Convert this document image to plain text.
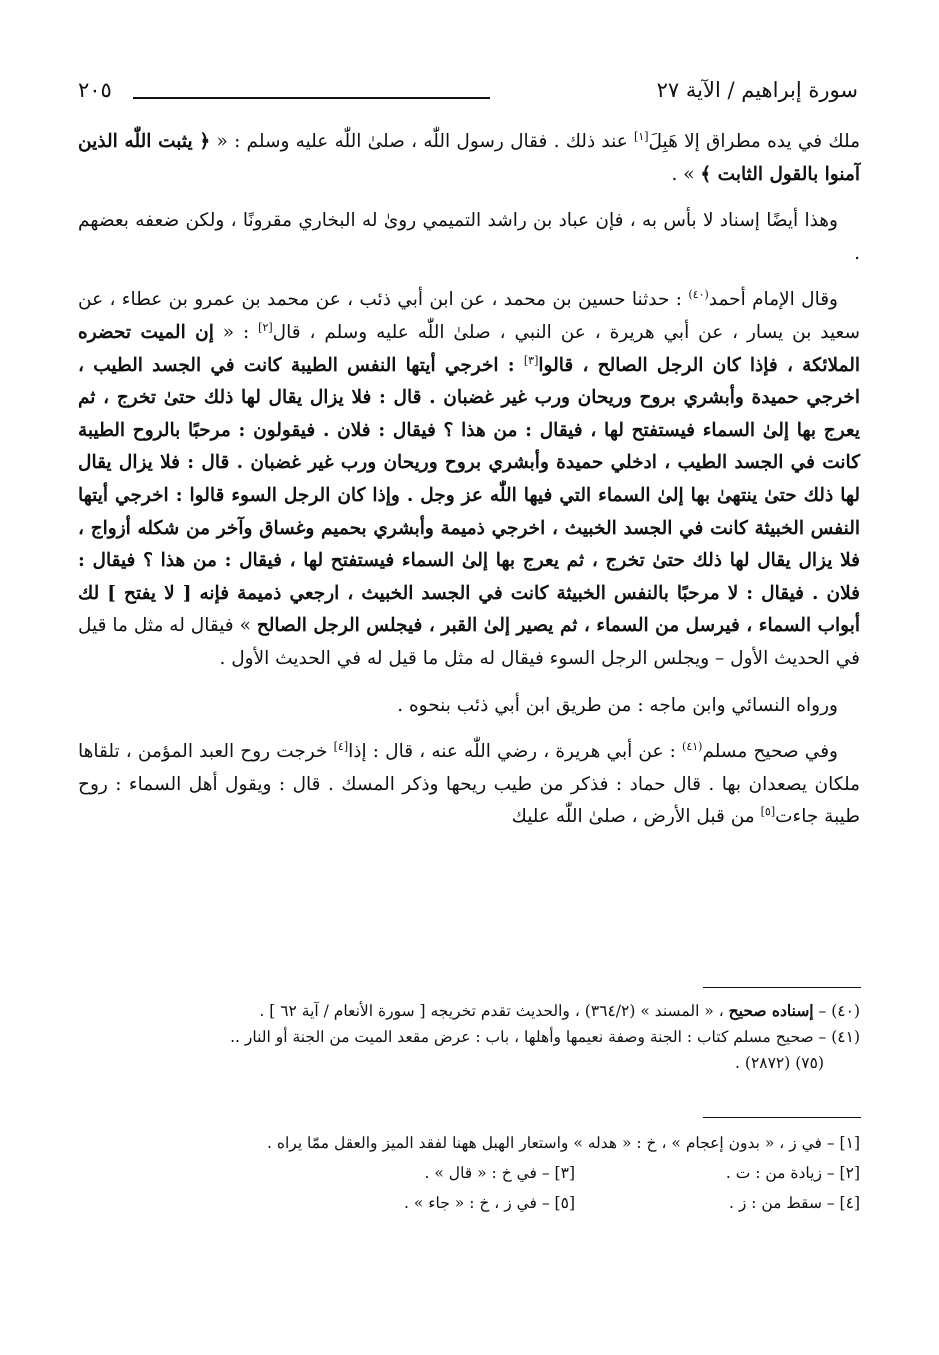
سورة إبراهيم / الآية ٢٧
٢٠٥

ملك في يده مطراق إلا هَبِلَ[١] عند ذلك . فقال رسول اللّٰه ، صلىٰ اللّٰه عليه وسلم : « ﴿ يثبت اللّٰه الذين آمنوا بالقول الثابت ﴾ » .

وهذا أيضًا إسناد لا بأس به ، فإن عباد بن راشد التميمي روىٰ له البخاري مقرونًا ، ولكن ضعفه بعضهم .

وقال الإمام أحمد$^{(٤٠)}$ : حدثنا حسين بن محمد ، عن ابن أبي ذئب ، عن محمد بن عمرو بن عطاء ، عن سعيد بن يسار ، عن أبي هريرة ، عن النبي ، صلىٰ اللّٰه عليه وسلم ، قال[٢] : « إن الميت تحضره الملائكة ، فإذا كان الرجل الصالح ، قالوا[٣] : اخرجي أيتها النفس الطيبة كانت في الجسد الطيب ، اخرجي حميدة وأبشري بروح وريحان ورب غير غضبان . قال : فلا يزال يقال لها ذلك حتىٰ تخرج ، ثم يعرج بها إلىٰ السماء فيستفتح لها ، فيقال : من هذا ؟ فيقال : فلان . فيقولون : مرحبًا بالروح الطيبة كانت في الجسد الطيب ، ادخلي حميدة وأبشري بروح وريحان ورب غير غضبان . قال : فلا يزال يقال لها ذلك حتىٰ ينتهىٰ بها إلىٰ السماء التي فيها اللّٰه عز وجل . وإذا كان الرجل السوء قالوا : اخرجي أيتها النفس الخبيثة كانت في الجسد الخبيث ، اخرجي ذميمة وأبشري بحميم وغساق وآخر من شكله أزواج ، فلا يزال يقال لها ذلك حتىٰ تخرج ، ثم يعرج بها إلىٰ السماء فيستفتح لها ، فيقال : من هذا ؟ فيقال : فلان . فيقال : لا مرحبًا بالنفس الخبيثة كانت في الجسد الخبيث ، ارجعي ذميمة فإنه [ لا يفتح ] لك أبواب السماء ، فيرسل من السماء ، ثم يصير إلىٰ القبر ، فيجلس الرجل الصالح » فيقال له مثل ما قيل في الحديث الأول – ويجلس الرجل السوء فيقال له مثل ما قيل له في الحديث الأول .

ورواه النسائي وابن ماجه : من طريق ابن أبي ذئب بنحوه .

وفي صحيح مسلم$^{(٤١)}$ : عن أبي هريرة ، رضي اللّٰه عنه ، قال : إذا[٤] خرجت روح العبد المؤمن ، تلقاها ملكان يصعدان بها . قال حماد : فذكر من طيب ريحها وذكر المسك . قال : ويقول أهل السماء : روح طيبة جاءت[٥] من قبل الأرض ، صلىٰ اللّٰه عليك

(٤٠) – إسناده صحيح ، « المسند » (٣٦٤/٢) ، والحديث تقدم تخريجه [ سورة الأنعام / آية ٦٢ ] .
(٤١) – صحيح مسلم كتاب : الجنة وصفة نعيمها وأهلها ، باب : عرض مقعد الميت من الجنة أو النار ..
(٧٥) (٢٨٧٢) .
[١] – في ز ، « بدون إعجام » ، خ : « هدله » واستعار الهبل ههنا لفقد الميز والعقل ممّا يراه .
[٢] – زيادة من : ت .[٣] – في خ : « قال » .
[٤] – سقط من : ز .[٥] – في ز ، خ : « جاء » .
